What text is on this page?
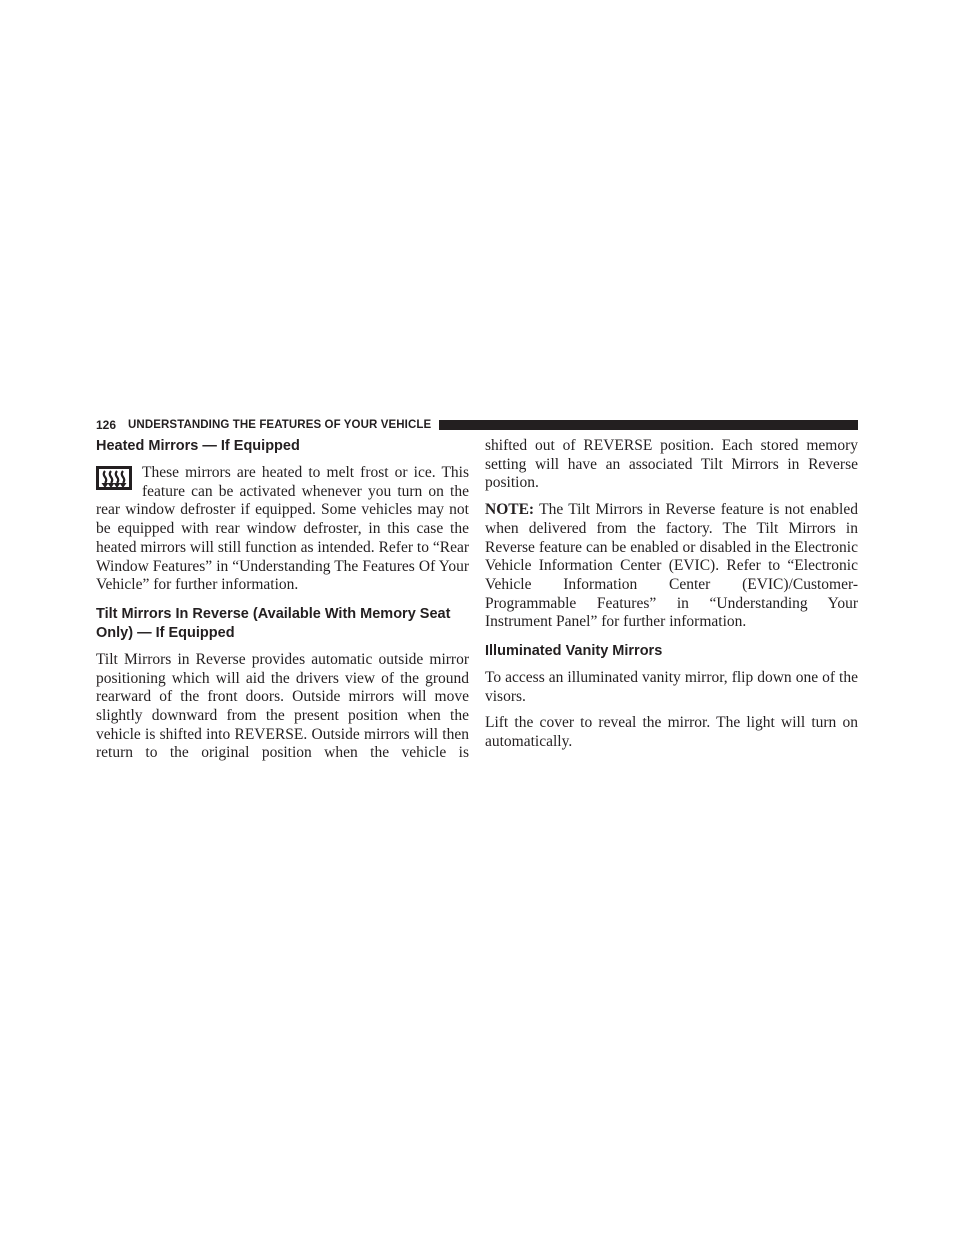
126 UNDERSTANDING THE FEATURES OF YOUR VEHICLE
Heated Mirrors — If Equipped

These mirrors are heated to melt frost or ice. This feature can be activated whenever you turn on the rear window defroster if equipped. Some vehicles may not be equipped with rear window defroster, in this case the heated mirrors will still function as intended. Refer to “Rear Window Features” in “Understanding The Features Of Your Vehicle” for further information.

Tilt Mirrors In Reverse (Available With Memory Seat Only) — If Equipped

Tilt Mirrors in Reverse provides automatic outside mirror positioning which will aid the drivers view of the ground rearward of the front doors. Outside mirrors will move slightly downward from the present position when the vehicle is shifted into REVERSE. Outside mirrors will then return to the original position when the vehicle is

shifted out of REVERSE position. Each stored memory setting will have an associated Tilt Mirrors in Reverse position.

NOTE: The Tilt Mirrors in Reverse feature is not enabled when delivered from the factory. The Tilt Mirrors in Reverse feature can be enabled or disabled in the Electronic Vehicle Information Center (EVIC). Refer to “Electronic Vehicle Information Center (EVIC)/Customer-Programmable Features” in “Understanding Your Instrument Panel” for further information.

Illuminated Vanity Mirrors

To access an illuminated vanity mirror, flip down one of the visors.

Lift the cover to reveal the mirror. The light will turn on automatically.
